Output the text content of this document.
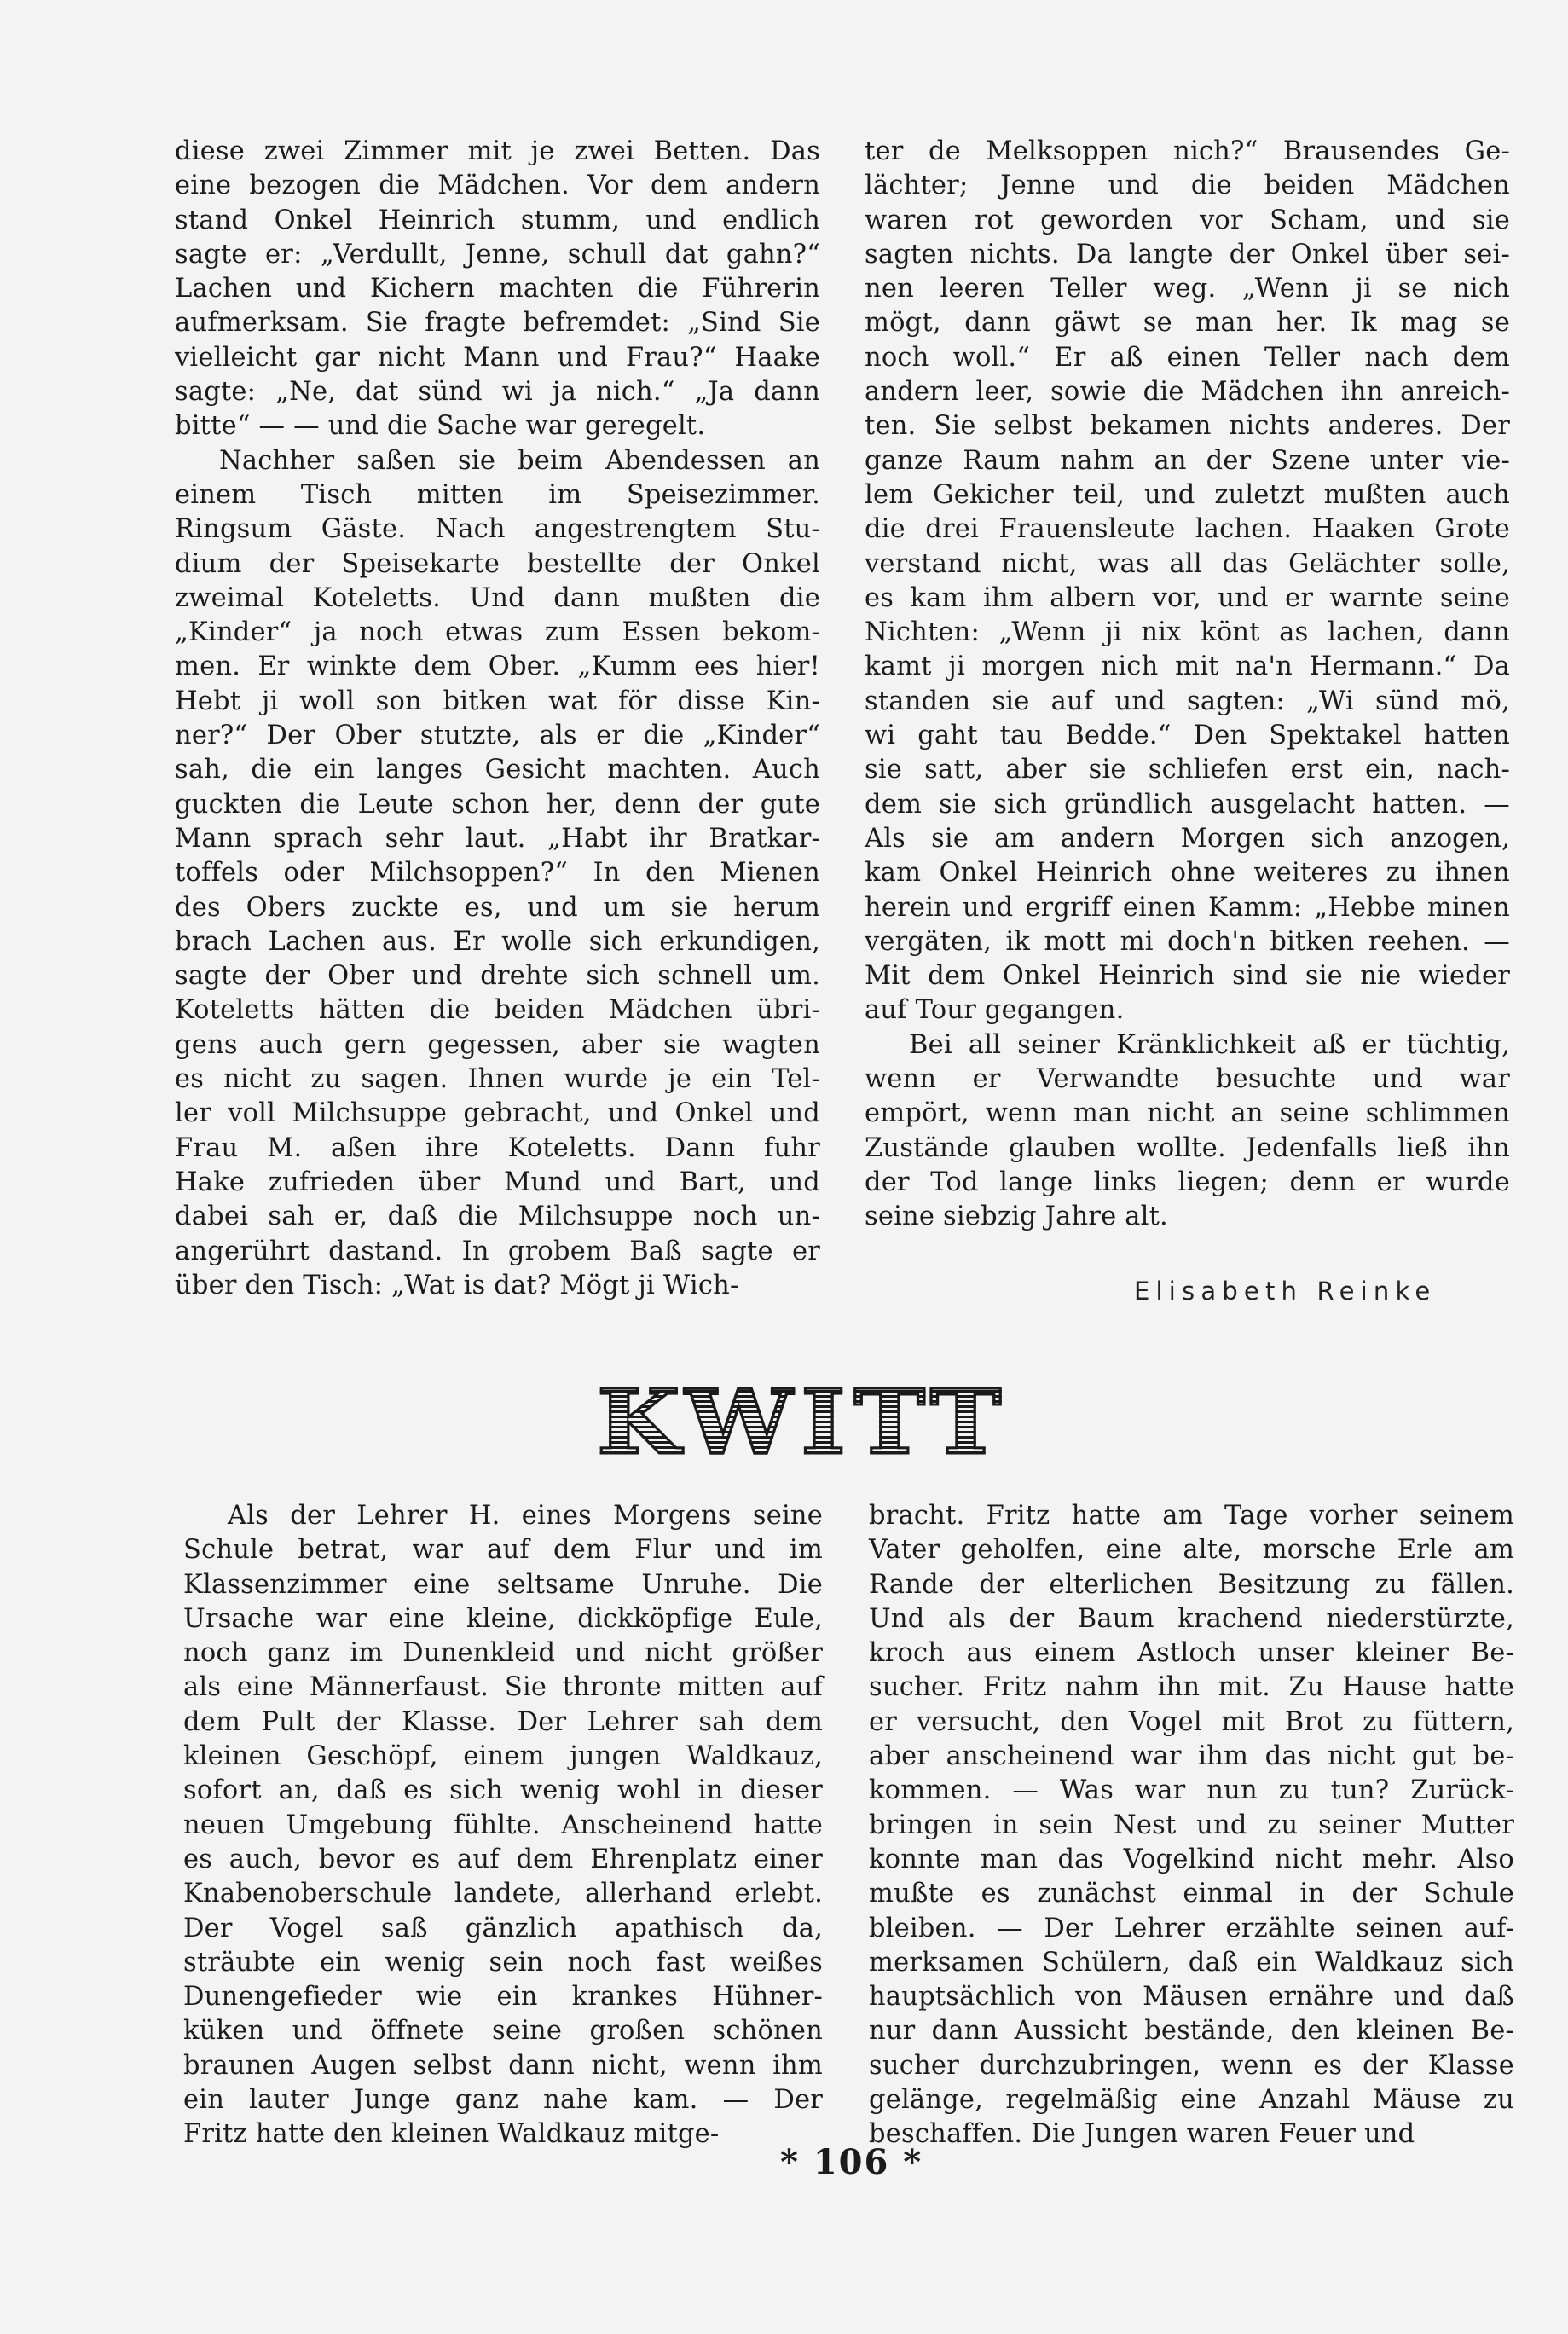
diese zwei Zimmer mit je zwei Betten. Das

eine bezogen die Mädchen. Vor dem andern

stand Onkel Heinrich stumm, und endlich

sagte er: „Verdullt, Jenne, schull dat gahn?“

Lachen und Kichern machten die Führerin

aufmerksam. Sie fragte befremdet: „Sind Sie

vielleicht gar nicht Mann und Frau?“ Haake

sagte: „Ne, dat sünd wi ja nich.“ „Ja dann

bitte“ — — und die Sache war geregelt.

Nachher saßen sie beim Abendessen an

einem Tisch mitten im Speisezimmer.

Ringsum Gäste. Nach angestrengtem Stu-

dium der Speisekarte bestellte der Onkel

zweimal Koteletts. Und dann mußten die

„Kinder“ ja noch etwas zum Essen bekom-

men. Er winkte dem Ober. „Kumm ees hier!

Hebt ji woll son bitken wat för disse Kin-

ner?“ Der Ober stutzte, als er die „Kinder“

sah, die ein langes Gesicht machten. Auch

guckten die Leute schon her, denn der gute

Mann sprach sehr laut. „Habt ihr Bratkar-

toffels oder Milchsoppen?“ In den Mienen

des Obers zuckte es, und um sie herum

brach Lachen aus. Er wolle sich erkundigen,

sagte der Ober und drehte sich schnell um.

Koteletts hätten die beiden Mädchen übri-

gens auch gern gegessen, aber sie wagten

es nicht zu sagen. Ihnen wurde je ein Tel-

ler voll Milchsuppe gebracht, und Onkel und

Frau M. aßen ihre Koteletts. Dann fuhr

Hake zufrieden über Mund und Bart, und

dabei sah er, daß die Milchsuppe noch un-

angerührt dastand. In grobem Baß sagte er

über den Tisch: „Wat is dat? Mögt ji Wich-

ter de Melksoppen nich?“ Brausendes Ge-

lächter; Jenne und die beiden Mädchen

waren rot geworden vor Scham, und sie

sagten nichts. Da langte der Onkel über sei-

nen leeren Teller weg. „Wenn ji se nich

mögt, dann gäwt se man her. Ik mag se

noch woll.“ Er aß einen Teller nach dem

andern leer, sowie die Mädchen ihn anreich-

ten. Sie selbst bekamen nichts anderes. Der

ganze Raum nahm an der Szene unter vie-

lem Gekicher teil, und zuletzt mußten auch

die drei Frauensleute lachen. Haaken Grote

verstand nicht, was all das Gelächter solle,

es kam ihm albern vor, und er warnte seine

Nichten: „Wenn ji nix könt as lachen, dann

kamt ji morgen nich mit na'n Hermann.“ Da

standen sie auf und sagten: „Wi sünd mö,

wi gaht tau Bedde.“ Den Spektakel hatten

sie satt, aber sie schliefen erst ein, nach-

dem sie sich gründlich ausgelacht hatten. —

Als sie am andern Morgen sich anzogen,

kam Onkel Heinrich ohne weiteres zu ihnen

herein und ergriff einen Kamm: „Hebbe minen

vergäten, ik mott mi doch'n bitken reehen. —

Mit dem Onkel Heinrich sind sie nie wieder

auf Tour gegangen.

Bei all seiner Kränklichkeit aß er tüchtig,

wenn er Verwandte besuchte und war

empört, wenn man nicht an seine schlimmen

Zustände glauben wollte. Jedenfalls ließ ihn

der Tod lange links liegen; denn er wurde

seine siebzig Jahre alt.

Elisabeth Reinke
KWITT

Als der Lehrer H. eines Morgens seine

Schule betrat, war auf dem Flur und im

Klassenzimmer eine seltsame Unruhe. Die

Ursache war eine kleine, dickköpfige Eule,

noch ganz im Dunenkleid und nicht größer

als eine Männerfaust. Sie thronte mitten auf

dem Pult der Klasse. Der Lehrer sah dem

kleinen Geschöpf, einem jungen Waldkauz,

sofort an, daß es sich wenig wohl in dieser

neuen Umgebung fühlte. Anscheinend hatte

es auch, bevor es auf dem Ehrenplatz einer

Knabenoberschule landete, allerhand erlebt.

Der Vogel saß gänzlich apathisch da,

sträubte ein wenig sein noch fast weißes

Dunengefieder wie ein krankes Hühner-

küken und öffnete seine großen schönen

braunen Augen selbst dann nicht, wenn ihm

ein lauter Junge ganz nahe kam. — Der

Fritz hatte den kleinen Waldkauz mitge-

bracht. Fritz hatte am Tage vorher seinem

Vater geholfen, eine alte, morsche Erle am

Rande der elterlichen Besitzung zu fällen.

Und als der Baum krachend niederstürzte,

kroch aus einem Astloch unser kleiner Be-

sucher. Fritz nahm ihn mit. Zu Hause hatte

er versucht, den Vogel mit Brot zu füttern,

aber anscheinend war ihm das nicht gut be-

kommen. — Was war nun zu tun? Zurück-

bringen in sein Nest und zu seiner Mutter

konnte man das Vogelkind nicht mehr. Also

mußte es zunächst einmal in der Schule

bleiben. — Der Lehrer erzählte seinen auf-

merksamen Schülern, daß ein Waldkauz sich

hauptsächlich von Mäusen ernähre und daß

nur dann Aussicht bestände, den kleinen Be-

sucher durchzubringen, wenn es der Klasse

gelänge, regelmäßig eine Anzahl Mäuse zu

beschaffen. Die Jungen waren Feuer und

* 106 *
